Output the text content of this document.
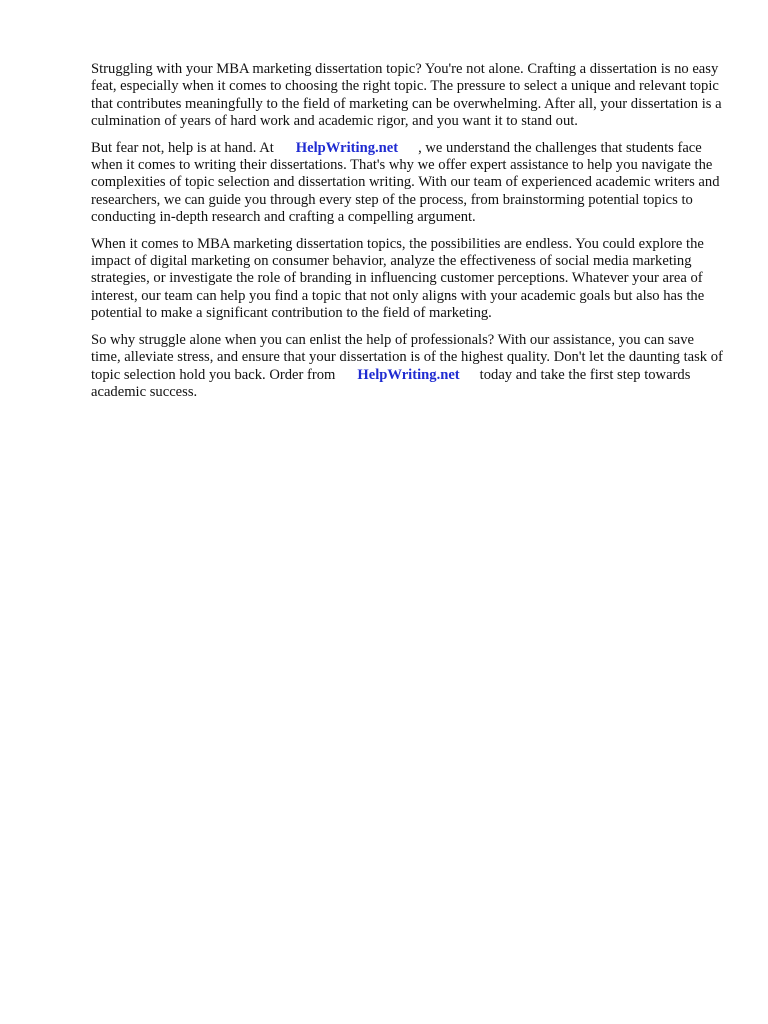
Struggling with your MBA marketing dissertation topic? You're not alone. Crafting a dissertation is no easy feat, especially when it comes to choosing the right topic. The pressure to select a unique and relevant topic that contributes meaningfully to the field of marketing can be overwhelming. After all, your dissertation is a culmination of years of hard work and academic rigor, and you want it to stand out.

But fear not, help is at hand. At HelpWriting.net , we understand the challenges that students face when it comes to writing their dissertations. That's why we offer expert assistance to help you navigate the complexities of topic selection and dissertation writing. With our team of experienced academic writers and researchers, we can guide you through every step of the process, from brainstorming potential topics to conducting in-depth research and crafting a compelling argument.

When it comes to MBA marketing dissertation topics, the possibilities are endless. You could explore the impact of digital marketing on consumer behavior, analyze the effectiveness of social media marketing strategies, or investigate the role of branding in influencing customer perceptions. Whatever your area of interest, our team can help you find a topic that not only aligns with your academic goals but also has the potential to make a significant contribution to the field of marketing.

So why struggle alone when you can enlist the help of professionals? With our assistance, you can save time, alleviate stress, and ensure that your dissertation is of the highest quality. Don't let the daunting task of topic selection hold you back. Order from HelpWriting.net today and take the first step towards academic success.
